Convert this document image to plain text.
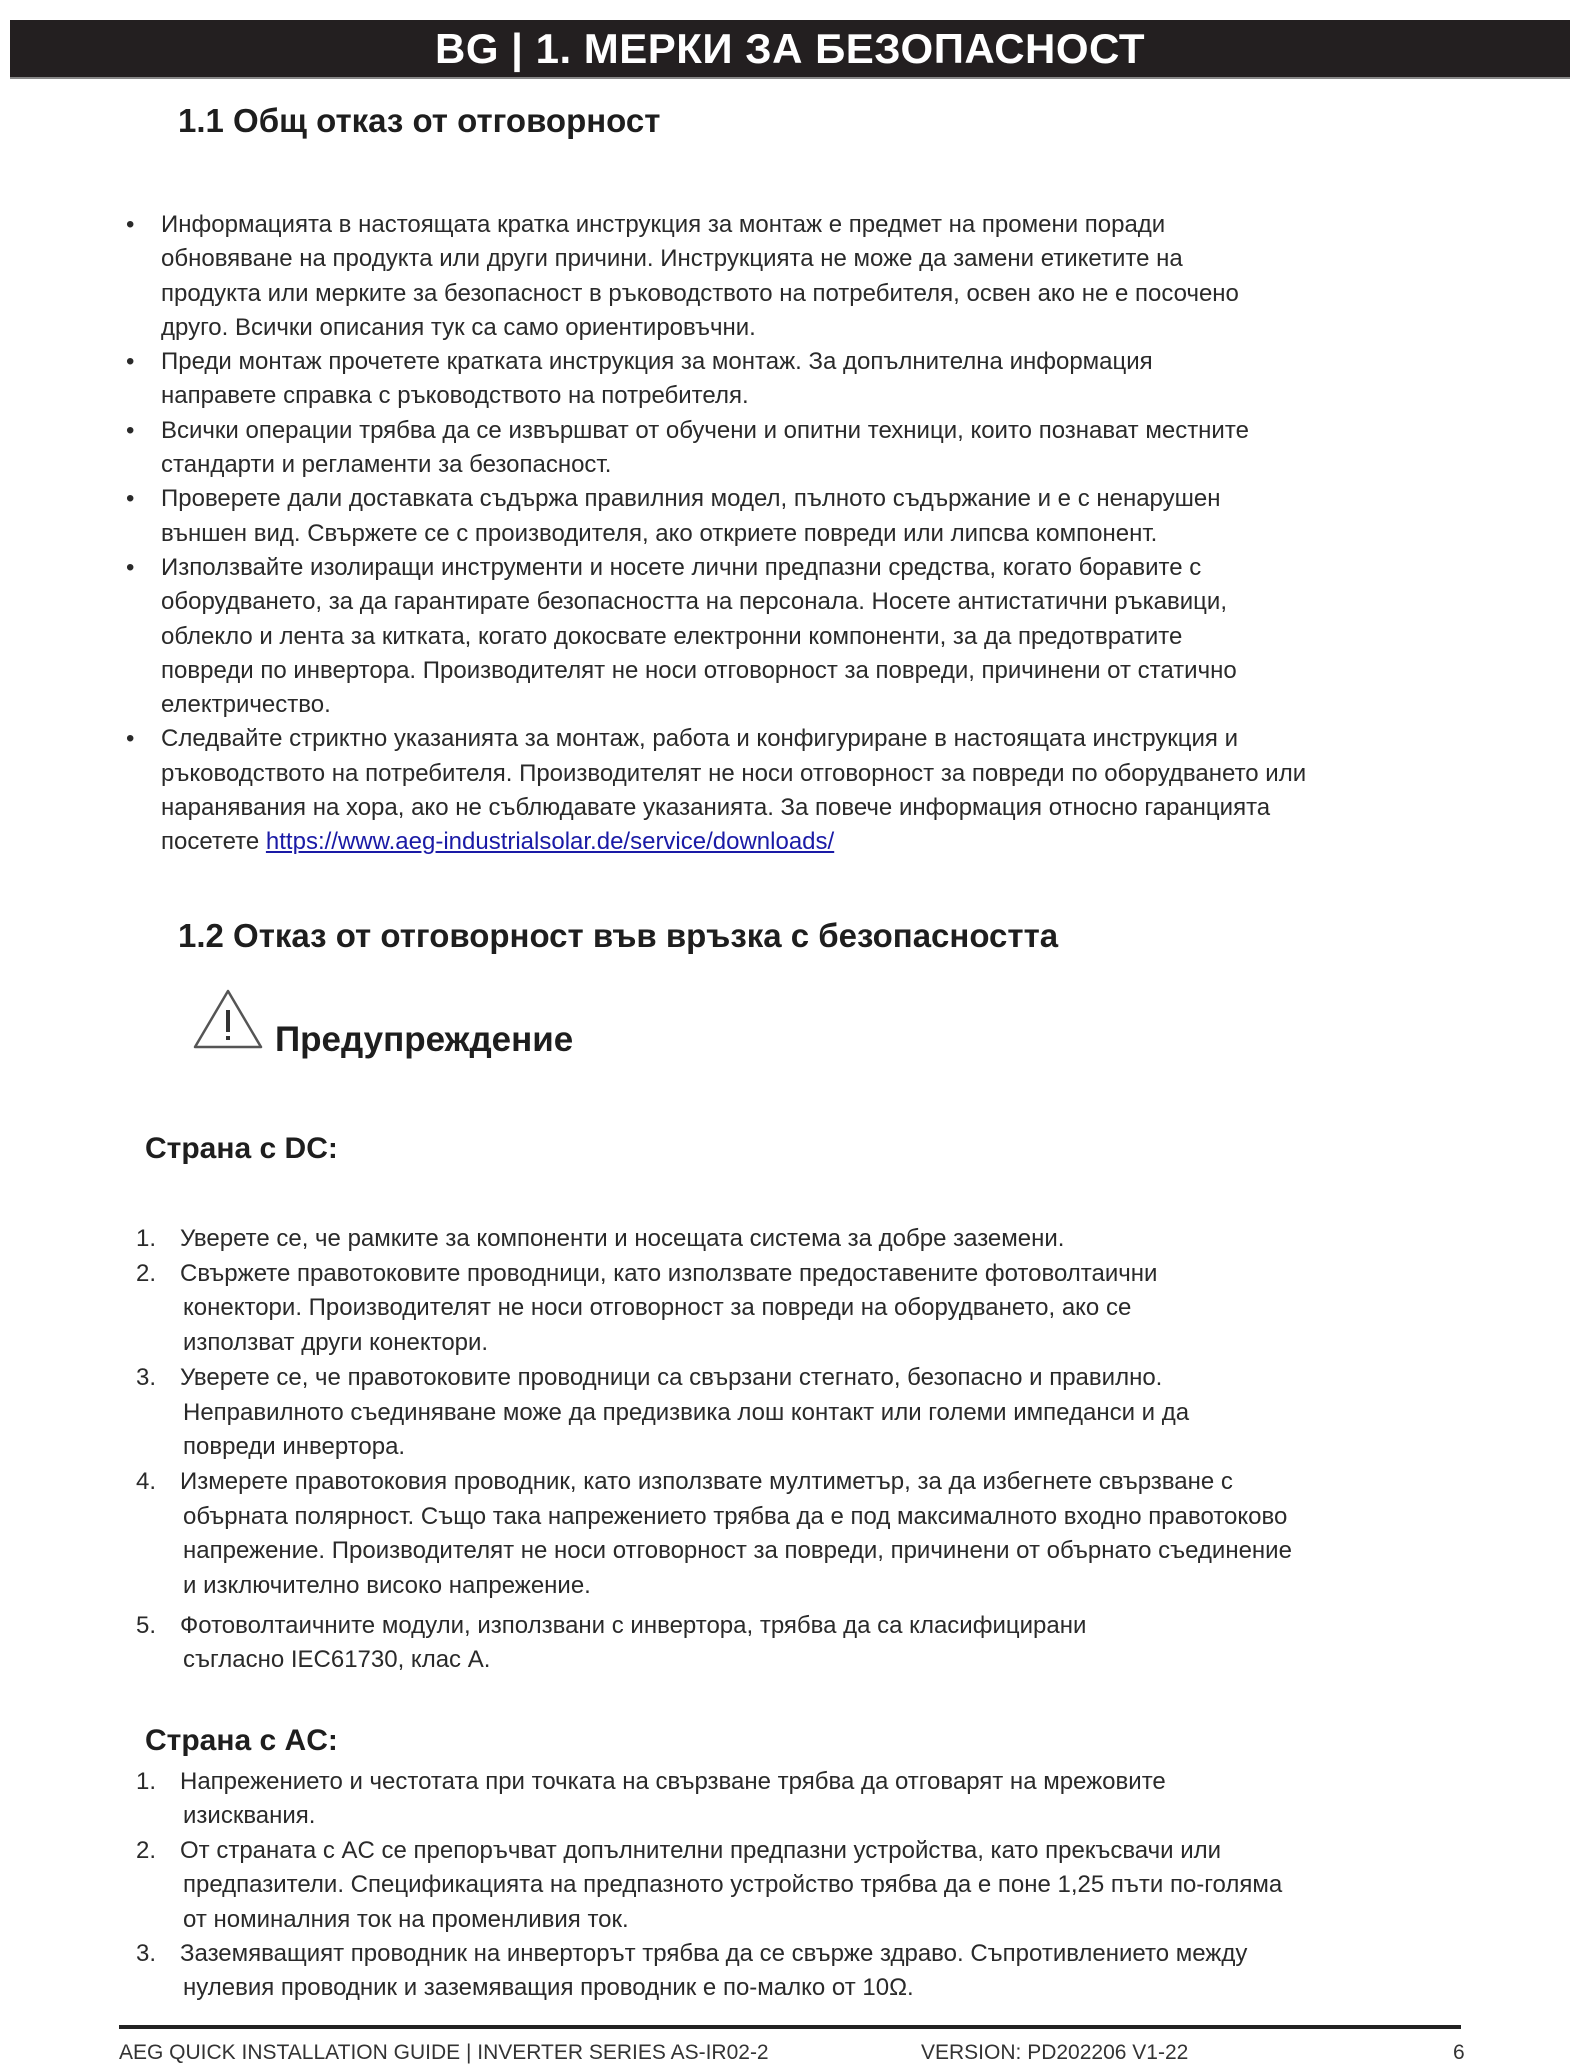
BG | 1. МЕРКИ ЗА БЕЗОПАСНОСТ
1.1 Общ отказ от отговорност
• Информацията в настоящата кратка инструкция за монтаж е предмет на промени поради
обновяване на продукта или други причини. Инструкцията не може да замени етикетите на
продукта или мерките за безопасност в ръководството на потребителя, освен ако не е посочено
друго. Всички описания тук са само ориентировъчни.
• Преди монтаж прочетете кратката инструкция за монтаж. За допълнителна информация
направете справка с ръководството на потребителя.
• Всички операции трябва да се извършват от обучени и опитни техници, които познават местните
стандарти и регламенти за безопасност.
• Проверете дали доставката съдържа правилния модел, пълното съдържание и е с ненарушен
външен вид. Свържете се с производителя, ако откриете повреди или липсва компонент.
• Използвайте изолиращи инструменти и носете лични предпазни средства, когато боравите с
оборудването, за да гарантирате безопасността на персонала. Носете антистатични ръкавици,
облекло и лента за китката, когато докосвате електронни компоненти, за да предотвратите
повреди по инвертора. Производителят не носи отговорност за повреди, причинени от статично
електричество.
• Следвайте стриктно указанията за монтаж, работа и конфигуриране в настоящата инструкция и
ръководството на потребителя. Производителят не носи отговорност за повреди по оборудването или
наранявания на хора, ако не съблюдавате указанията. За повече информация относно гаранцията
посетете https://www.aeg-industrialsolar.de/service/downloads/
1.2 Отказ от отговорност във връзка с безопасността
Предупреждение
Страна с DC:
1. Уверете се, че рамките за компоненти и носещата система за добре заземени.
2. Свържете правотоковите проводници, като използвате предоставените фотоволтаични
конектори. Производителят не носи отговорност за повреди на оборудването, ако се
използват други конектори.
3. Уверете се, че правотоковите проводници са свързани стегнато, безопасно и правилно.
Неправилното съединяване може да предизвика лош контакт или големи импеданси и да
повреди инвертора.
4. Измерете правотоковия проводник, като използвате мултиметър, за да избегнете свързване с
обърната полярност. Също така напрежението трябва да е под максималното входно правотоково
напрежение. Производителят не носи отговорност за повреди, причинени от обърнато съединение
и изключително високо напрежение.
5. Фотоволтаичните модули, използвани с инвертора, трябва да са класифицирани
съгласно IEC61730, клас A.
Страна с AC:
1. Напрежението и честотата при точката на свързване трябва да отговарят на мрежовите
изисквания.
2. От страната с AC се препоръчват допълнителни предпазни устройства, като прекъсвачи или
предпазители. Спецификацията на предпазното устройство трябва да е поне 1,25 пъти по-голяма
от номиналния ток на променливия ток.
3. Заземяващият проводник на инверторът трябва да се свърже здраво. Съпротивлението между
нулевия проводник и заземяващия проводник е по-малко от 10Ω.
AEG QUICK INSTALLATION GUIDE | INVERTER SERIES AS-IR02-2	VERSION: PD202206 V1-22	6
